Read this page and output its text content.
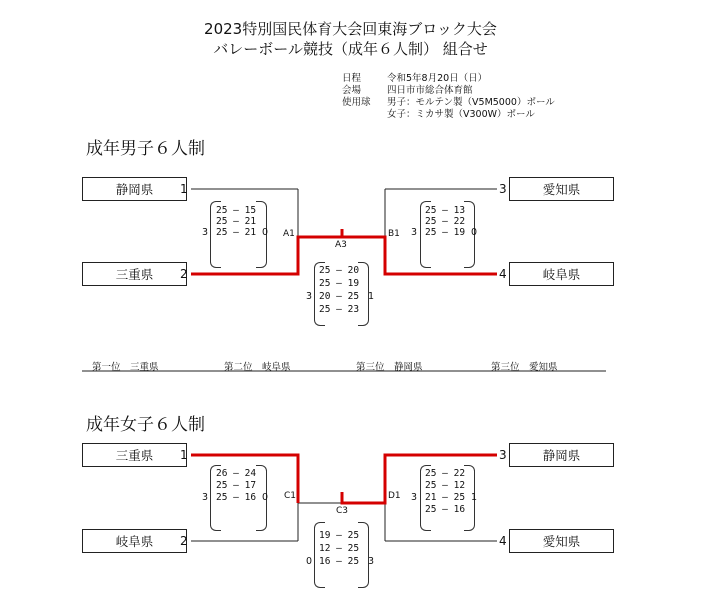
2023特別国民体育大会回東海ブロック大会
バレーボール競技（成年６人制） 組合せ
日程	令和5年8月20日（日）
会場	四日市市総合体育館
使用球 男子：モルテン製（V5M5000）ボール
女子：ミカサ製（V300W）ボール
成年男子６人制
静岡県
三重県
愛知県
岐阜県
1
2
3
4
A1	B1
A3
25 ― 15
25 ― 21
25 ― 21
3	0
25 ― 13
25 ― 22
25 ― 19
3	0
25 ― 20
25 ― 19
20 ― 25
25 ― 23
3	1
第一位　三重県	第二位　岐阜県	第三位　静岡県	第三位　愛知県
成年女子６人制
三重県
岐阜県
静岡県
愛知県
1
2
3
4
C1	D1
C3
26 ― 24
25 ― 17
25 ― 16
3	0
25 ― 22
25 ― 12
21 ― 25
25 ― 16
3	1
19 ― 25
12 ― 25
16 ― 25
0	3
